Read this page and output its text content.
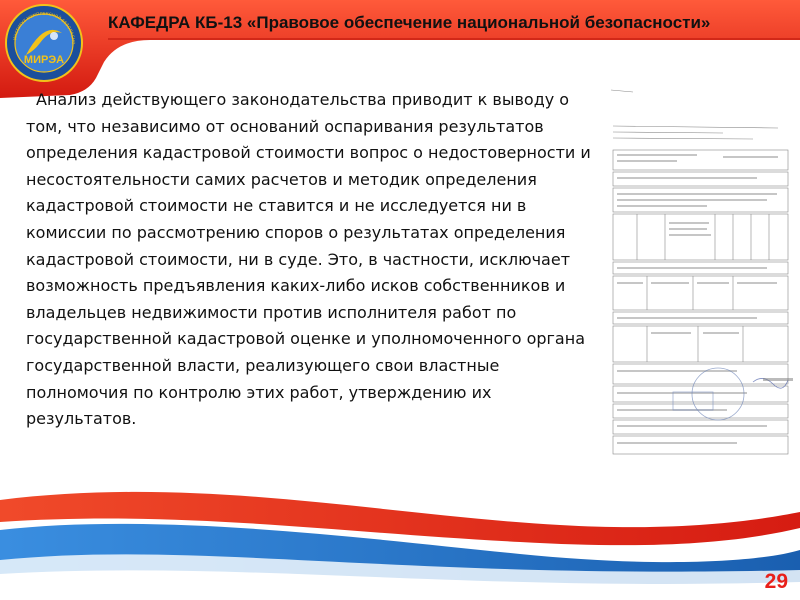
ИНСТИТУТ КОМПЛЕКСНОЙ БЕЗОПАСНО
МИРЭА
КАФЕДРА КБ-13 «Правовое обеспечение национальной безопасности»
Анализ действующего законодательства приводит к выводу о том, что независимо от оснований оспаривания результатов определения кадастровой стоимости вопрос о недостоверности и несостоятельности самих расчетов и методик определения кадастровой стоимости не ставится и не исследуется ни в комиссии по рассмотрению споров о результатах определения кадастровой стоимости, ни в суде. Это, в частности, исключает возможность предъявления каких-либо исков собственников и владельцев недвижимости против исполнителя работ по государственной кадастровой оценке и уполномоченного органа государственной власти, реализующего свои властные полномочия по контролю этих работ, утверждению их результатов.
29
